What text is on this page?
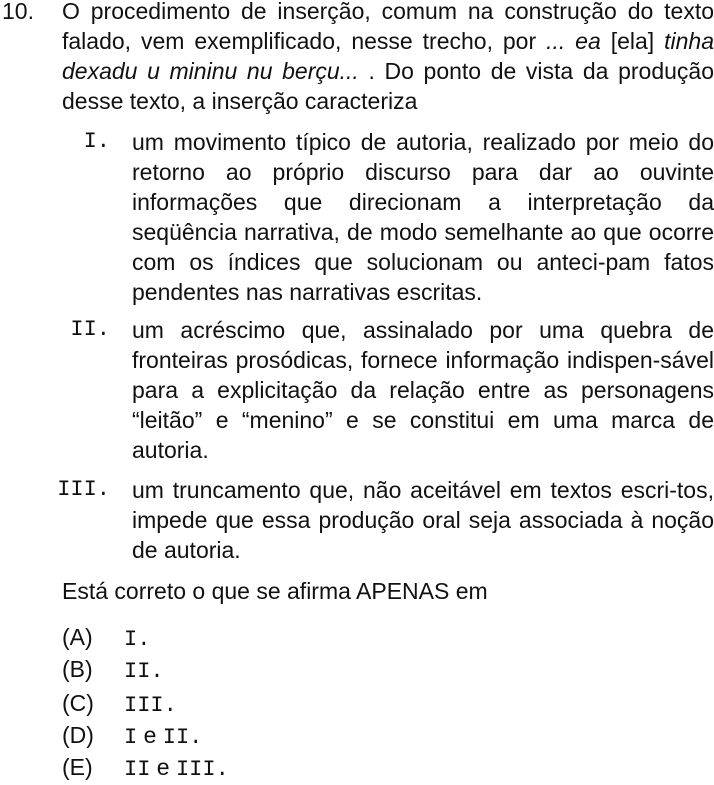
10. O procedimento de inserção, comum na construção do texto falado, vem exemplificado, nesse trecho, por ... ea [ela] tinha dexadu u mininu nu berçu... . Do ponto de vista da produção desse texto, a inserção caracteriza
I. um movimento típico de autoria, realizado por meio do retorno ao próprio discurso para dar ao ouvinte informações que direcionam a interpretação da seqüência narrativa, de modo semelhante ao que ocorre com os índices que solucionam ou anteci-pam fatos pendentes nas narrativas escritas.
II. um acréscimo que, assinalado por uma quebra de fronteiras prosódicas, fornece informação indispen-sável para a explicitação da relação entre as personagens “leitão” e “menino” e se constitui em uma marca de autoria.
III. um truncamento que, não aceitável em textos escri-tos, impede que essa produção oral seja associada à noção de autoria.
Está correto o que se afirma APENAS em
(A) I.
(B) II.
(C) III.
(D) I e II.
(E) II e III.
